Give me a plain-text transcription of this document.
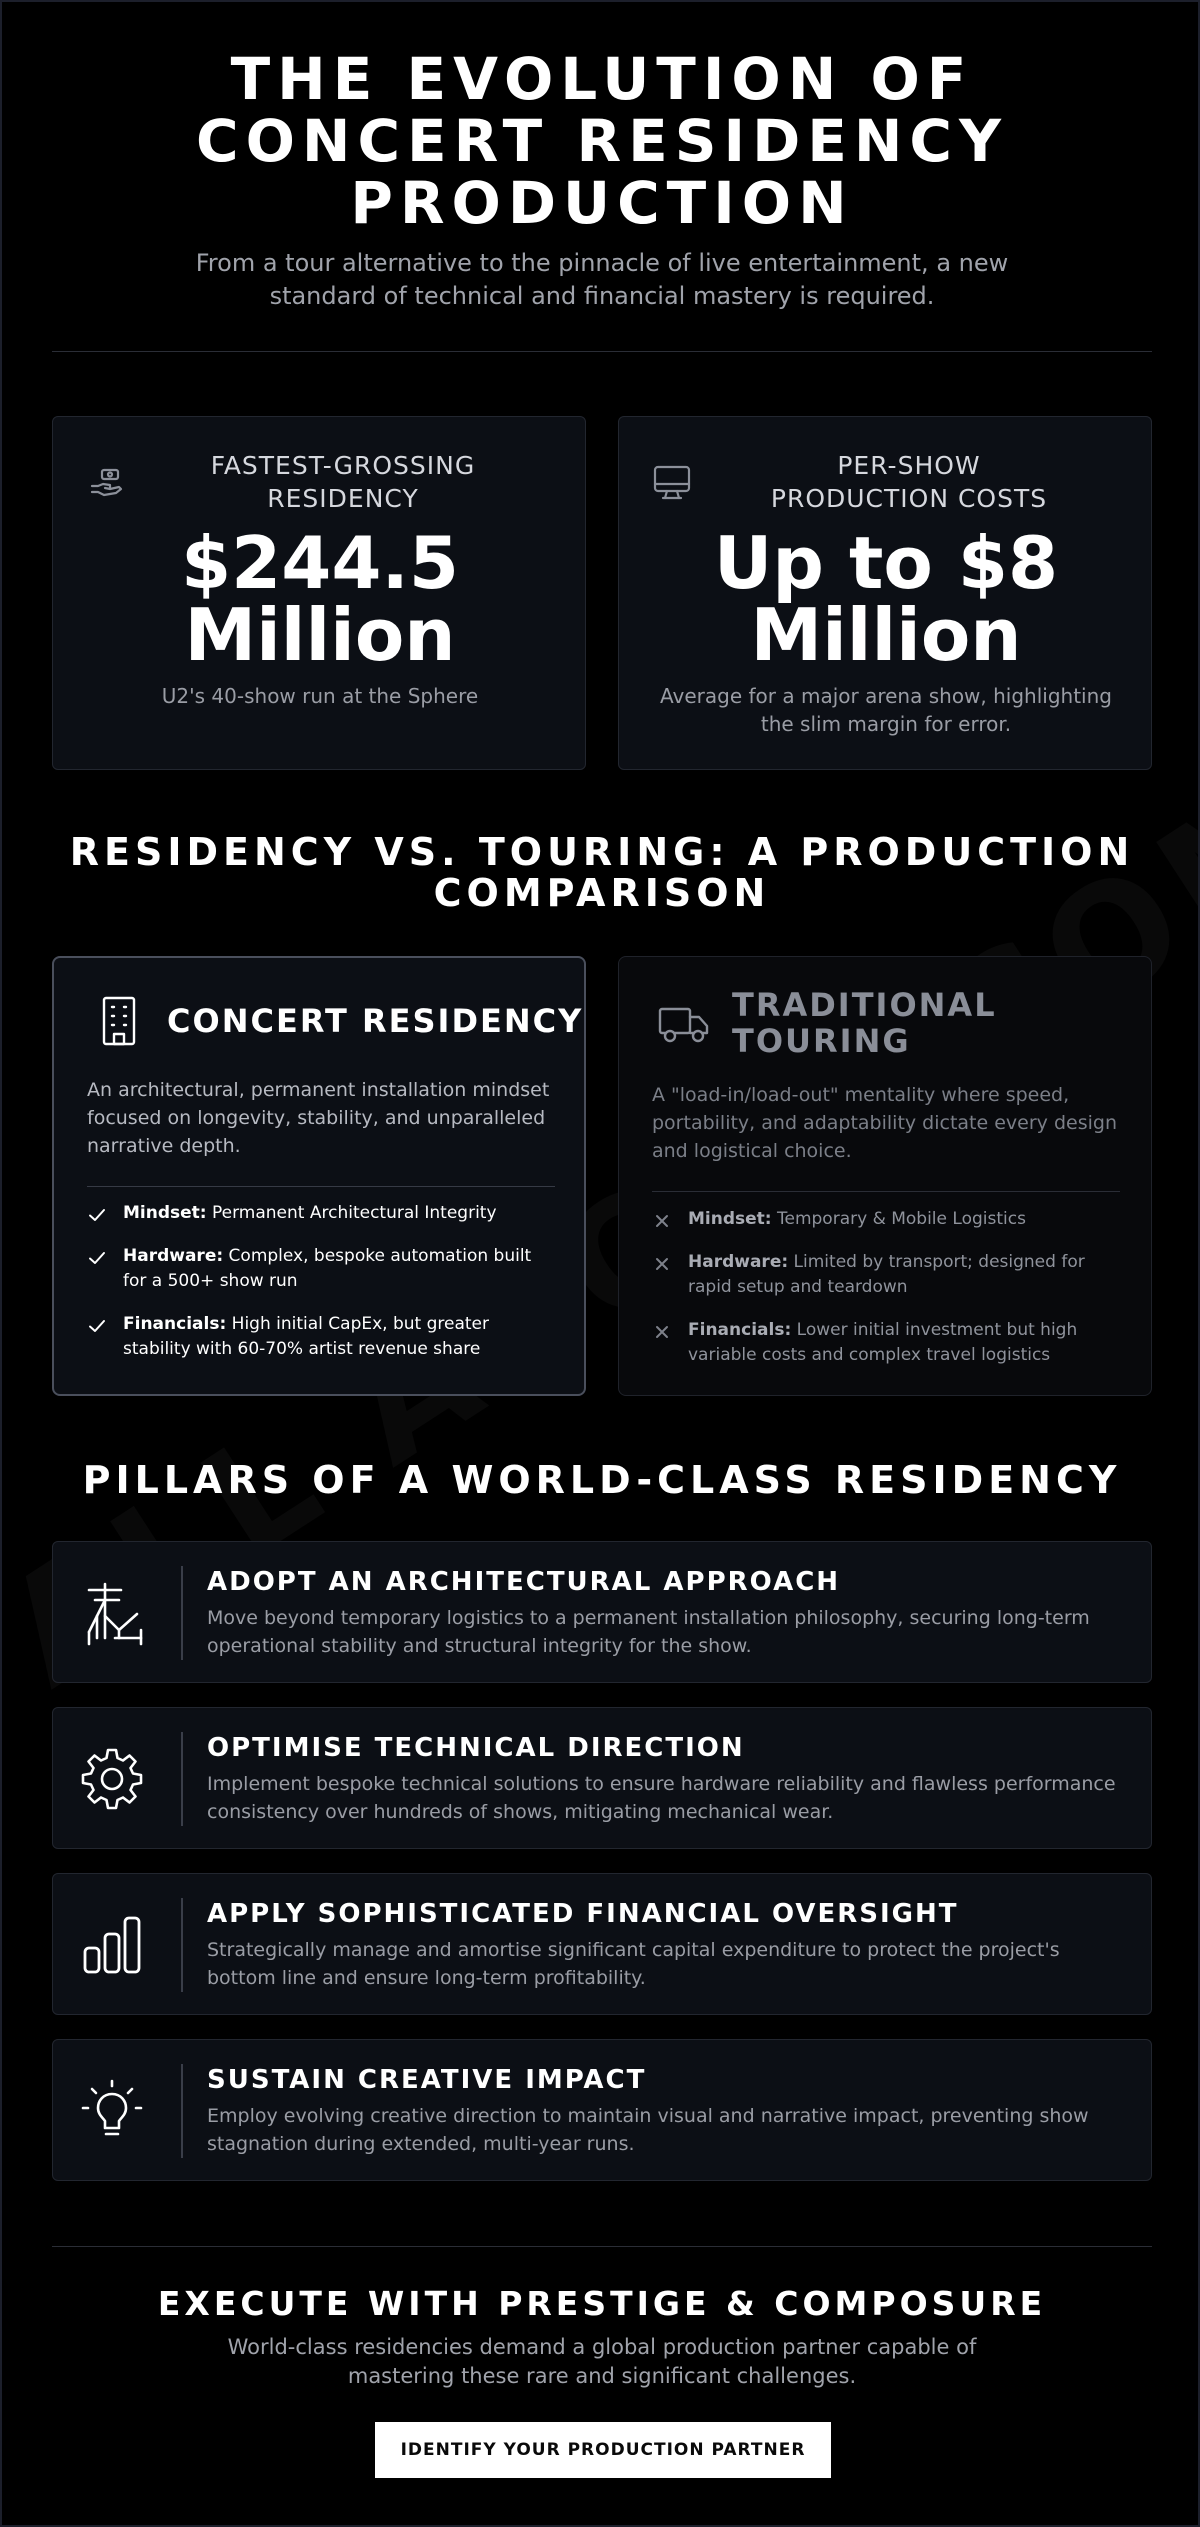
THE EVOLUTION OF CONCERT RESIDENCY PRODUCTION

From a tour alternative to the pinnacle of live entertainment, a new standard of technical and financial mastery is required.

FASTEST-GROSSING RESIDENCY
$244.5 Million
U2's 40-show run at the Sphere
PER-SHOW PRODUCTION COSTS
Up to $8 Million
Average for a major arena show, highlighting the slim margin for error.
RESIDENCY VS. TOURING: A PRODUCTION COMPARISON
CONCERT RESIDENCY

An architectural, permanent installation mindset focused on longevity, stability, and unparalleled narrative depth.

Mindset: Permanent Architectural Integrity
Hardware: Complex, bespoke automation built for a 500+ show run
Financials: High initial CapEx, but greater stability with 60-70% artist revenue share
TRADITIONAL TOURING

A "load-in/load-out" mentality where speed, portability, and adaptability dictate every design and logistical choice.

Mindset: Temporary & Mobile Logistics
Hardware: Limited by transport; designed for rapid setup and teardown
Financials: Lower initial investment but high variable costs and complex travel logistics
PILLARS OF A WORLD-CLASS RESIDENCY
ADOPT AN ARCHITECTURAL APPROACH

Move beyond temporary logistics to a permanent installation philosophy, securing long-term operational stability and structural integrity for the show.

OPTIMISE TECHNICAL DIRECTION

Implement bespoke technical solutions to ensure hardware reliability and flawless performance consistency over hundreds of shows, mitigating mechanical wear.

APPLY SOPHISTICATED FINANCIAL OVERSIGHT

Strategically manage and amortise significant capital expenditure to protect the project's bottom line and ensure long-term profitability.

SUSTAIN CREATIVE IMPACT

Employ evolving creative direction to maintain visual and narrative impact, preventing show stagnation during extended, multi-year runs.

EXECUTE WITH PRESTIGE & COMPOSURE

World-class residencies demand a global production partner capable of mastering these rare and significant challenges.

IDENTIFY YOUR PRODUCTION PARTNER
